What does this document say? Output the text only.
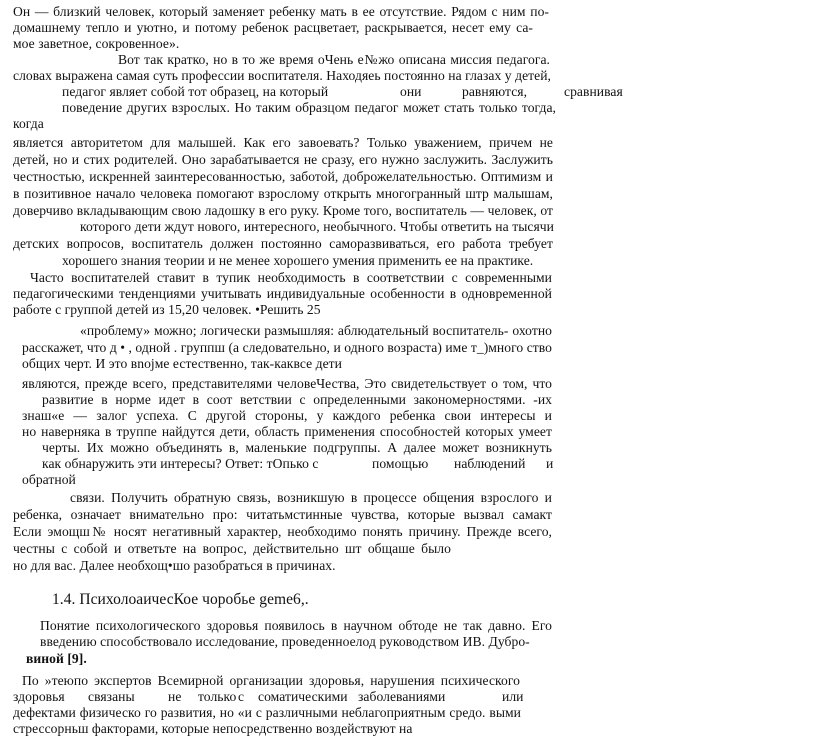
Он — близкий человек, который заменяет ребенку мать в ее отсутствие. Рядом с ним по-
домашнему тепло и уютно, и потому ребенок расцветает, раскрывается, несет ему са-
мое заветное, сокровенное».
Вот так кратко, но в то же время оЧень е№жо описана миссия педагога.
словах выражена самая суть профессии воспитателя. Находяеь постоянно на глазах у детей,
педагог являет собой тот образец, на который	они	равняются,	сравнивая
поведение других взрослых. Но таким образцом педагог может стать только тогда,
когда
является авторитетом для малышей. Как его завоевать? Только уважением, причем не
детей, но и стих родителей. Оно зарабатывается не сразу, его нужно заслужить. Заслужить
честностью, искренней заинтересованностью, заботой, доброжелательностью. Оптимизм и
в позитивное начало человека помогают взрослому открыть многогранный штр малышам,
доверчиво вкладывающим свою ладошку в его руку. Кроме того, воспитатель — человек, от
которого дети ждут нового, интересного, необычного. Чтобы ответить на тысячи
детских вопросов, воспитатель должен постоянно саморазвиваться, его работа требует
хорошего знания теории и не менее хорошего умения применить ее на практике.
Часто воспитателей ставит в тупик необходимость в соответствии с современными
педагогическими тенденциями учитывать индивидуальные особенности в одновременной
работе с группой детей из 15,20 человек. •Решить 25
«проблему» можно; логически размышляя: аблюдательный воспитатель- охотно
расскажет, что д • , одной . группш (а следовательно, и одного возраста) име т_)много ство
общих черт. И это вnоjме естественно, так-каквсе дети
являются, прежде всего, представителями человеЧества, Это свидетельствует о том, что
развитие в норме идет в соот ветствии с определенными закономерностями. -их
знаш«е — залог успеха. С другой стороны, у каждого ребенка свои интересы и
но наверняка в труппе найдутся дети, область применения способностей которых умеет
черты. Их можно объединять в, маленькие подгруппы. А далее может возникнуть
как обнаружить эти интересы? Ответ: тОпько с	помощью наблюдений и
обратной
связи. Получить обратную связь, возникшую в процессе общения взрослого и
ребенка, означает внимательно про: читатьмстинные чувства, которые вызвал самакт
Если эмощш№ носят негативный характер, необходимо понять причину. Прежде всего,
честны с собой и ответьте на вопрос, действительно шт общаше было
но для вас. Далее необхощ•шо разобраться в причинах.
1.4. ПсихолоаичесКое чоробье gemе6,.
Понятие психологического здоровья появилось в научном обтоде не так давно. Его
введению способствовало исследование, проведенноелод руководством ИВ. Дубро-
виной [9].
По »теюпо экспертов Всемирной организации здоровья, нарушения психического
здоровья связаны не только с соматическими заболеваниями	или
дефектами физическо го развития, но «и с различными неблагоприятным средо. выми
стрессорньш факторами, которые непосредственно воздействуют на
